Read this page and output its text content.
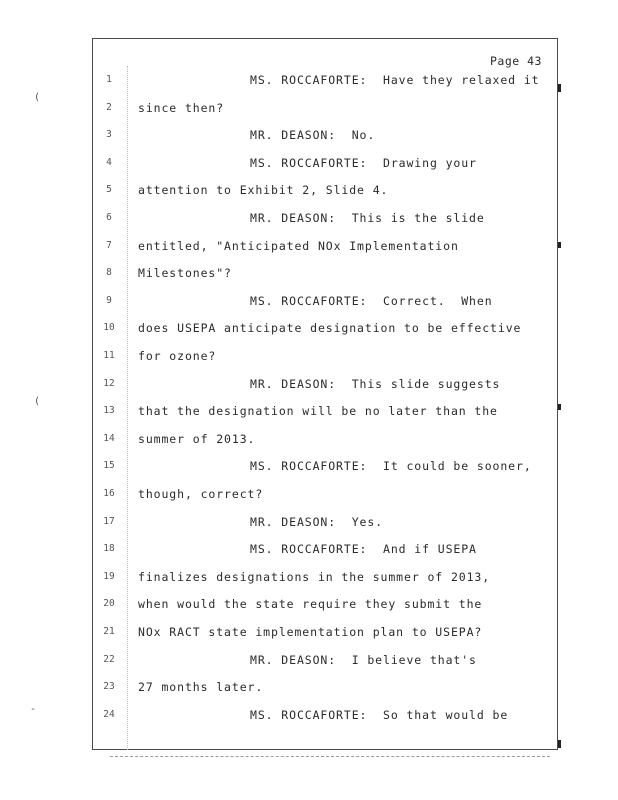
Page 43
1	MS. ROCCAFORTE:  Have they relaxed it
2	since then?
3	MR. DEASON:  No.
4	MS. ROCCAFORTE:  Drawing your
5	attention to Exhibit 2, Slide 4.
6	MR. DEASON:  This is the slide
7	entitled, "Anticipated NOx Implementation
8	Milestones"?
9	MS. ROCCAFORTE:  Correct.  When
10	does USEPA anticipate designation to be effective
11	for ozone?
12	MR. DEASON:  This slide suggests
13	that the designation will be no later than the
14	summer of 2013.
15	MS. ROCCAFORTE:  It could be sooner,
16	though, correct?
17	MR. DEASON:  Yes.
18	MS. ROCCAFORTE:  And if USEPA
19	finalizes designations in the summer of 2013,
20	when would the state require they submit the
21	NOx RACT state implementation plan to USEPA?
22	MR. DEASON:  I believe that's
23	27 months later.
24	MS. ROCCAFORTE:  So that would be
(
(
-
